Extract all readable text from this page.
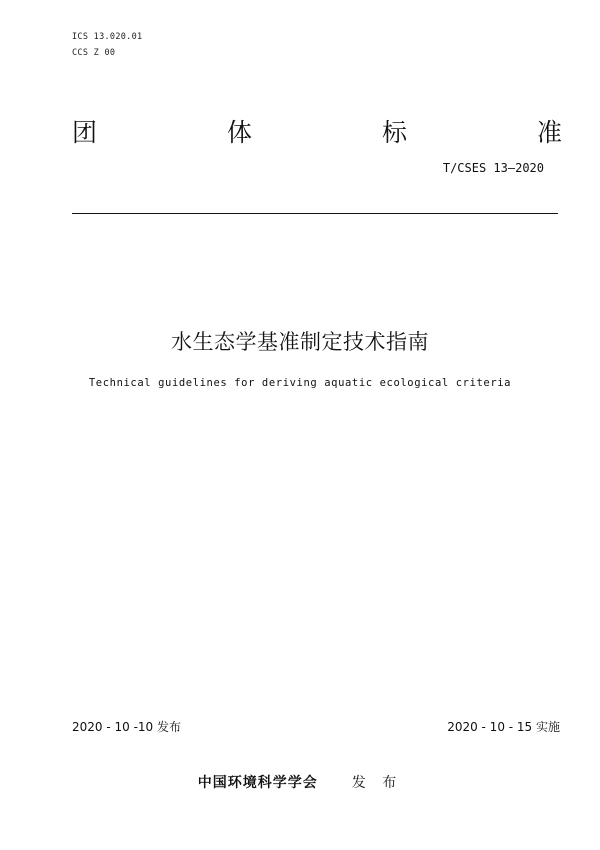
ICS 13.020.01
CCS Z 00
团	体	标	准
T/CSES 13—2020
水生态学基准制定技术指南
Technical guidelines for deriving aquatic ecological criteria
2020 - 10 -10 发布	2020 - 10 - 15 实施
中国环境科学学会 发 布
